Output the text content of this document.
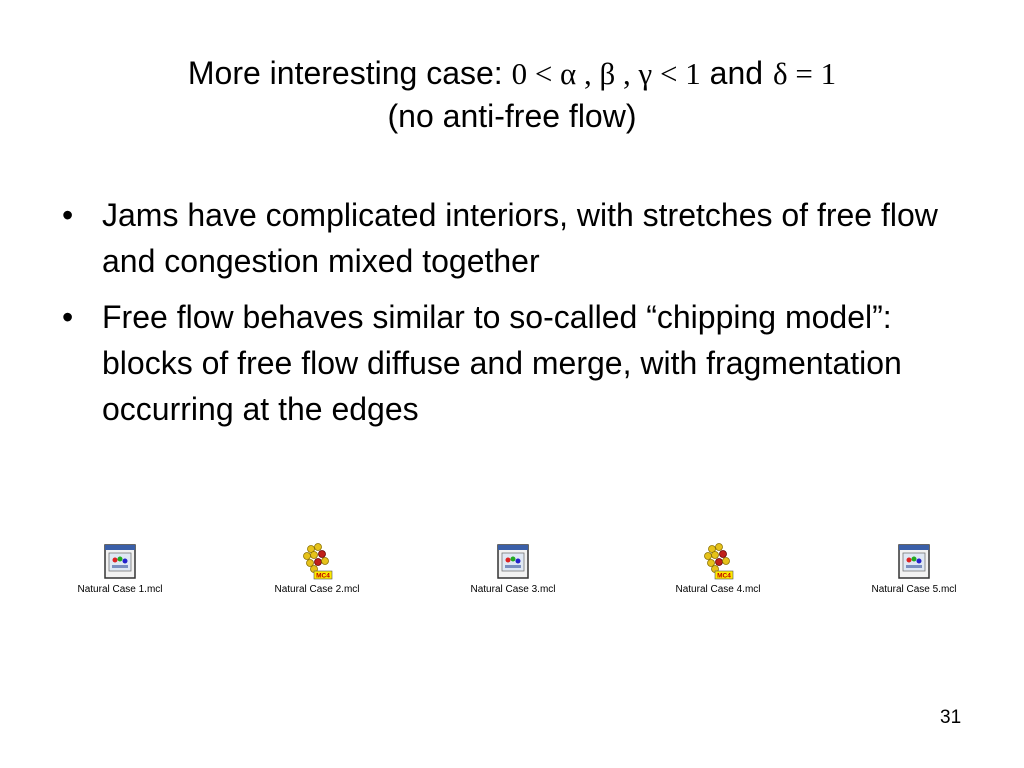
More interesting case: 0 < α , β , γ < 1 and δ = 1
(no anti-free flow)
• Jams have complicated interiors, with stretches of free flow and congestion mixed together
• Free flow behaves similar to so-called “chipping model”: blocks of free flow diffuse and merge, with fragmentation occurring at the edges
Natural Case 1.mcl
MC4
Natural Case 2.mcl	Natural Case 3.mcl
MC4
Natural Case 4.mcl	Natural Case 5.mcl
31
